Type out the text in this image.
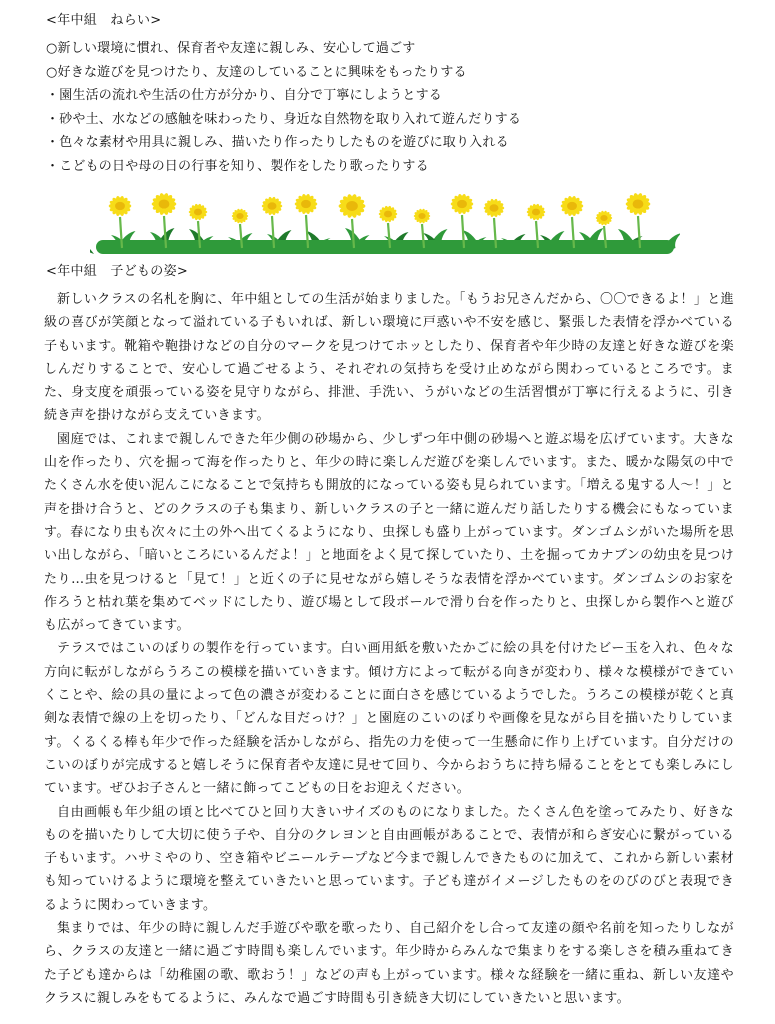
<年中組　ねらい>
○新しい環境に慣れ、保育者や友達に親しみ、安心して過ごす
○好きな遊びを見つけたり、友達のしていることに興味をもったりする
・園生活の流れや生活の仕方が分かり、自分で丁寧にしようとする
・砂や土、水などの感触を味わったり、身近な自然物を取り入れて遊んだりする
・色々な素材や用具に親しみ、描いたり作ったりしたものを遊びに取り入れる
・こどもの日や母の日の行事を知り、製作をしたり歌ったりする
<年中組　子どもの姿>

新しいクラスの名札を胸に、年中組としての生活が始まりました。「もうお兄さんだから、〇〇できるよ！」と進級の喜びが笑顔となって溢れている子もいれば、新しい環境に戸惑いや不安を感じ、緊張した表情を浮かべている子もいます。靴箱や鞄掛けなどの自分のマークを見つけてホッとしたり、保育者や年少時の友達と好きな遊びを楽しんだりすることで、安心して過ごせるよう、それぞれの気持ちを受け止めながら関わっているところです。また、身支度を頑張っている姿を見守りながら、排泄、手洗い、うがいなどの生活習慣が丁寧に行えるように、引き続き声を掛けながら支えていきます。

園庭では、これまで親しんできた年少側の砂場から、少しずつ年中側の砂場へと遊ぶ場を広げています。大きな山を作ったり、穴を掘って海を作ったりと、年少の時に楽しんだ遊びを楽しんでいます。また、暖かな陽気の中でたくさん水を使い泥んこになることで気持ちも開放的になっている姿も見られています。「増える鬼する人〜！」と声を掛け合うと、どのクラスの子も集まり、新しいクラスの子と一緒に遊んだり話したりする機会にもなっています。春になり虫も次々に土の外へ出てくるようになり、虫探しも盛り上がっています。ダンゴムシがいた場所を思い出しながら、「暗いところにいるんだよ！」と地面をよく見て探していたり、土を掘ってカナブンの幼虫を見つけたり…虫を見つけると「見て！」と近くの子に見せながら嬉しそうな表情を浮かべています。ダンゴムシのお家を作ろうと枯れ葉を集めてベッドにしたり、遊び場として段ボールで滑り台を作ったりと、虫探しから製作へと遊びも広がってきています。

テラスではこいのぼりの製作を行っています。白い画用紙を敷いたかごに絵の具を付けたビー玉を入れ、色々な方向に転がしながらうろこの模様を描いていきます。傾け方によって転がる向きが変わり、様々な模様ができていくことや、絵の具の量によって色の濃さが変わることに面白さを感じているようでした。うろこの模様が乾くと真剣な表情で線の上を切ったり、「どんな目だっけ？」と園庭のこいのぼりや画像を見ながら目を描いたりしています。くるくる棒も年少で作った経験を活かしながら、指先の力を使って一生懸命に作り上げています。自分だけのこいのぼりが完成すると嬉しそうに保育者や友達に見せて回り、今からおうちに持ち帰ることをとても楽しみにしています。ぜひお子さんと一緒に飾ってこどもの日をお迎えください。

自由画帳も年少組の頃と比べてひと回り大きいサイズのものになりました。たくさん色を塗ってみたり、好きなものを描いたりして大切に使う子や、自分のクレヨンと自由画帳があることで、表情が和らぎ安心に繋がっている子もいます。ハサミやのり、空き箱やビニールテープなど今まで親しんできたものに加えて、これから新しい素材も知っていけるように環境を整えていきたいと思っています。子ども達がイメージしたものをのびのびと表現できるように関わっていきます。

集まりでは、年少の時に親しんだ手遊びや歌を歌ったり、自己紹介をし合って友達の顔や名前を知ったりしながら、クラスの友達と一緒に過ごす時間も楽しんでいます。年少時からみんなで集まりをする楽しさを積み重ねてきた子ども達からは「幼稚園の歌、歌おう！」などの声も上がっています。様々な経験を一緒に重ね、新しい友達やクラスに親しみをもてるように、みんなで過ごす時間も引き続き大切にしていきたいと思います。
